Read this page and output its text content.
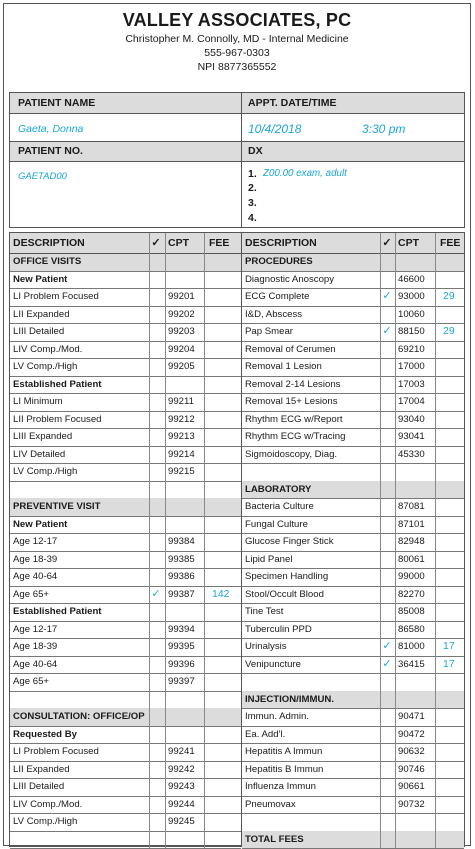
VALLEY ASSOCIATES, PC
Christopher M. Connolly, MD - Internal Medicine
555-967-0303
NPI 8877365552
PATIENT NAME	APPT. DATE/TIME
Gaeta, Donna	10/4/2018	3:30 pm
PATIENT NO.	DX
GAETAD00	1. Z00.00 exam, adult
2.
3.
4.
DESCRIPTION	✓ CPT FEE
OFFICE VISITS
New Patient
LI Problem Focused	99201
LII Expanded	99202
LIII Detailed	99203
LIV Comp./Mod.	99204
LV Comp./High	99205
Established Patient
LI Minimum	99211
LII Problem Focused	99212
LIII Expanded	99213
LIV Detailed	99214
LV Comp./High	99215
PREVENTIVE VISIT
New Patient
Age 12-17	99384
Age 18-39	99385
Age 40-64	99386
Age 65+	✓ 99387 142
Established Patient
Age 12-17	99394
Age 18-39	99395
Age 40-64	99396
Age 65+	99397
CONSULTATION: OFFICE/OP
Requested By
LI Problem Focused	99241
LII Expanded	99242
LIII Detailed	99243
LIV Comp./Mod.	99244
LV Comp./High	99245
DESCRIPTION	✓ CPT FEE
PROCEDURES
Diagnostic Anoscopy	46600
ECG Complete	✓ 93000 29
I&D, Abscess	10060
Pap Smear	✓ 88150 29
Removal of Cerumen	69210
Removal 1 Lesion	17000
Removal 2-14 Lesions	17003
Removal 15+ Lesions	17004
Rhythm ECG w/Report	93040
Rhythm ECG w/Tracing	93041
Sigmoidoscopy, Diag.	45330
LABORATORY
Bacteria Culture	87081
Fungal Culture	87101
Glucose Finger Stick	82948
Lipid Panel	80061
Specimen Handling	99000
Stool/Occult Blood	82270
Tine Test	85008
Tuberculin PPD	86580
Urinalysis	✓ 81000 17
Venipuncture	✓ 36415 17
INJECTION/IMMUN.
Immun. Admin.	90471
Ea. Add'l.	90472
Hepatitis A Immun	90632
Hepatitis B Immun	90746
Influenza Immun	90661
Pneumovax	90732
TOTAL FEES
